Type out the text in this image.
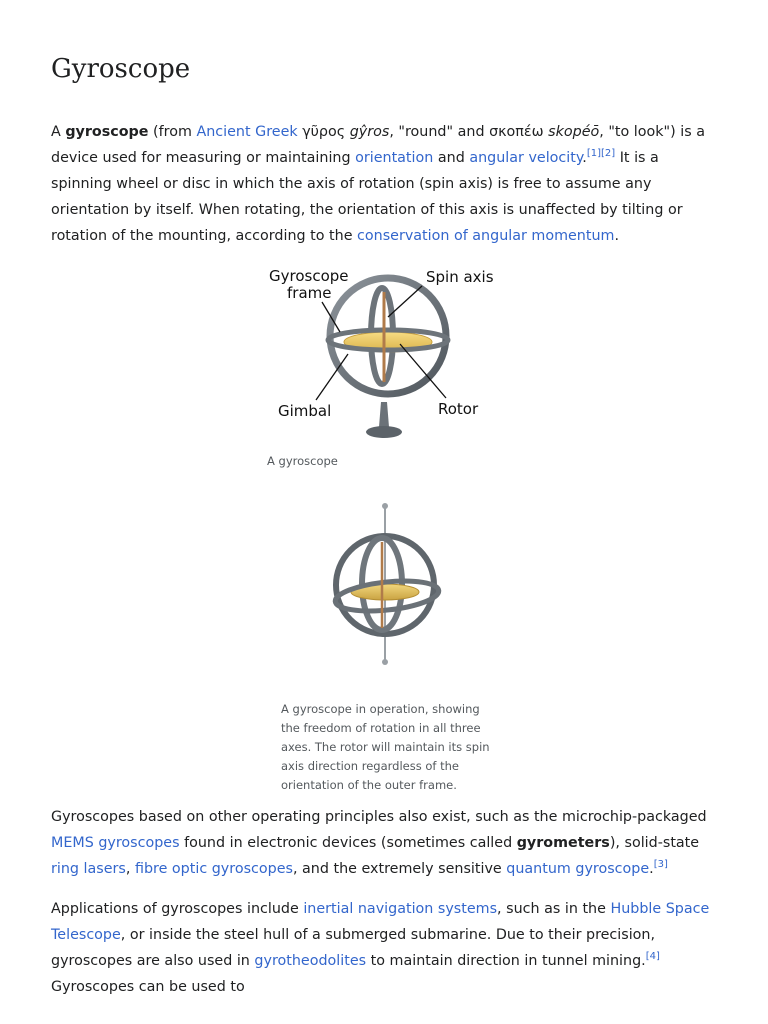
Gyroscope

A gyroscope (from Ancient Greek γῦρος gŷros, "round" and σκοπέω skopéō, "to look") is a device used for measuring or maintaining orientation and angular velocity.[1][2] It is a spinning wheel or disc in which the axis of rotation (spin axis) is free to assume any orientation by itself. When rotating, the orientation of this axis is unaffected by tilting or rotation of the mounting, according to the conservation of angular momentum.

Gyroscope
frame
Spin axis
Gimbal	Rotor

A gyroscope

A gyroscope in operation, showing the freedom of rotation in all three axes. The rotor will maintain its spin axis direction regardless of the orientation of the outer frame.

Gyroscopes based on other operating principles also exist, such as the microchip-packaged MEMS gyroscopes found in electronic devices (sometimes called gyrometers), solid-state ring lasers, fibre optic gyroscopes, and the extremely sensitive quantum gyroscope.[3]

Applications of gyroscopes include inertial navigation systems, such as in the Hubble Space Telescope, or inside the steel hull of a submerged submarine. Due to their precision, gyroscopes are also used in gyrotheodolites to maintain direction in tunnel mining.[4] Gyroscopes can be used to
